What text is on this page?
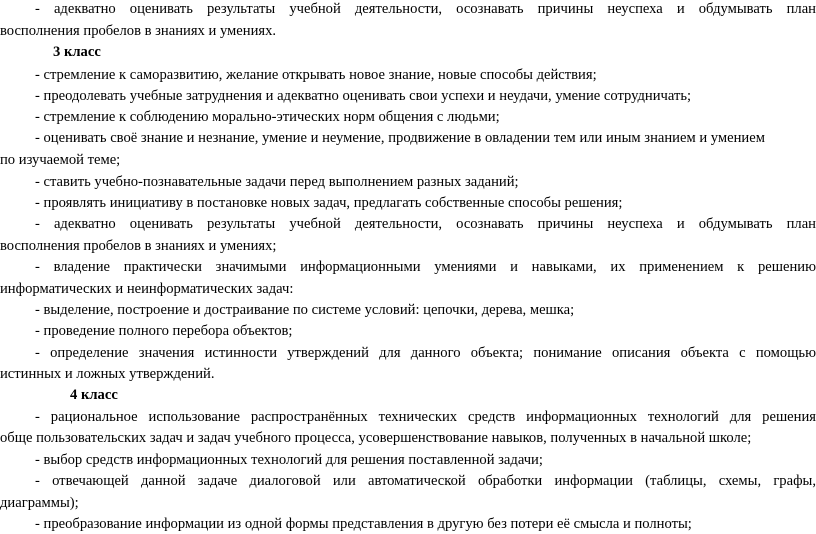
- адекватно оценивать результаты учебной деятельности, осознавать причины неуспеха и обдумывать план
восполнения пробелов в знаниях и умениях.
3 класс
- стремление к саморазвитию, желание открывать новое знание, новые способы действия;
- преодолевать учебные затруднения и адекватно оценивать свои успехи и неудачи, умение сотрудничать;
- стремление к соблюдению морально-этических норм общения с людьми;
- оценивать своё знание и незнание, умение и неумение, продвижение в овладении тем или иным знанием и умением
по изучаемой теме;
- ставить учебно-познавательные задачи перед выполнением разных заданий;
- проявлять инициативу в постановке новых задач, предлагать собственные способы решения;
- адекватно оценивать результаты учебной деятельности, осознавать причины неуспеха и обдумывать план
восполнения пробелов в знаниях и умениях;
- владение практически значимыми информационными умениями и навыками, их применением к решению
информатических и неинформатических задач:
- выделение, построение и достраивание по системе условий: цепочки, дерева, мешка;
- проведение полного перебора объектов;
- определение значения истинности утверждений для данного объекта; понимание описания объекта с помощью
истинных и ложных утверждений.
4 класс
- рациональное использование распространённых технических средств информационных технологий для решения
обще пользовательских задач и задач учебного процесса, усовершенствование навыков, полученных в начальной школе;
- выбор средств информационных технологий для решения поставленной задачи;
- отвечающей данной задаче диалоговой или автоматической обработки информации (таблицы, схемы, графы,
диаграммы);
- преобразование информации из одной формы представления в другую без потери её смысла и полноты;
